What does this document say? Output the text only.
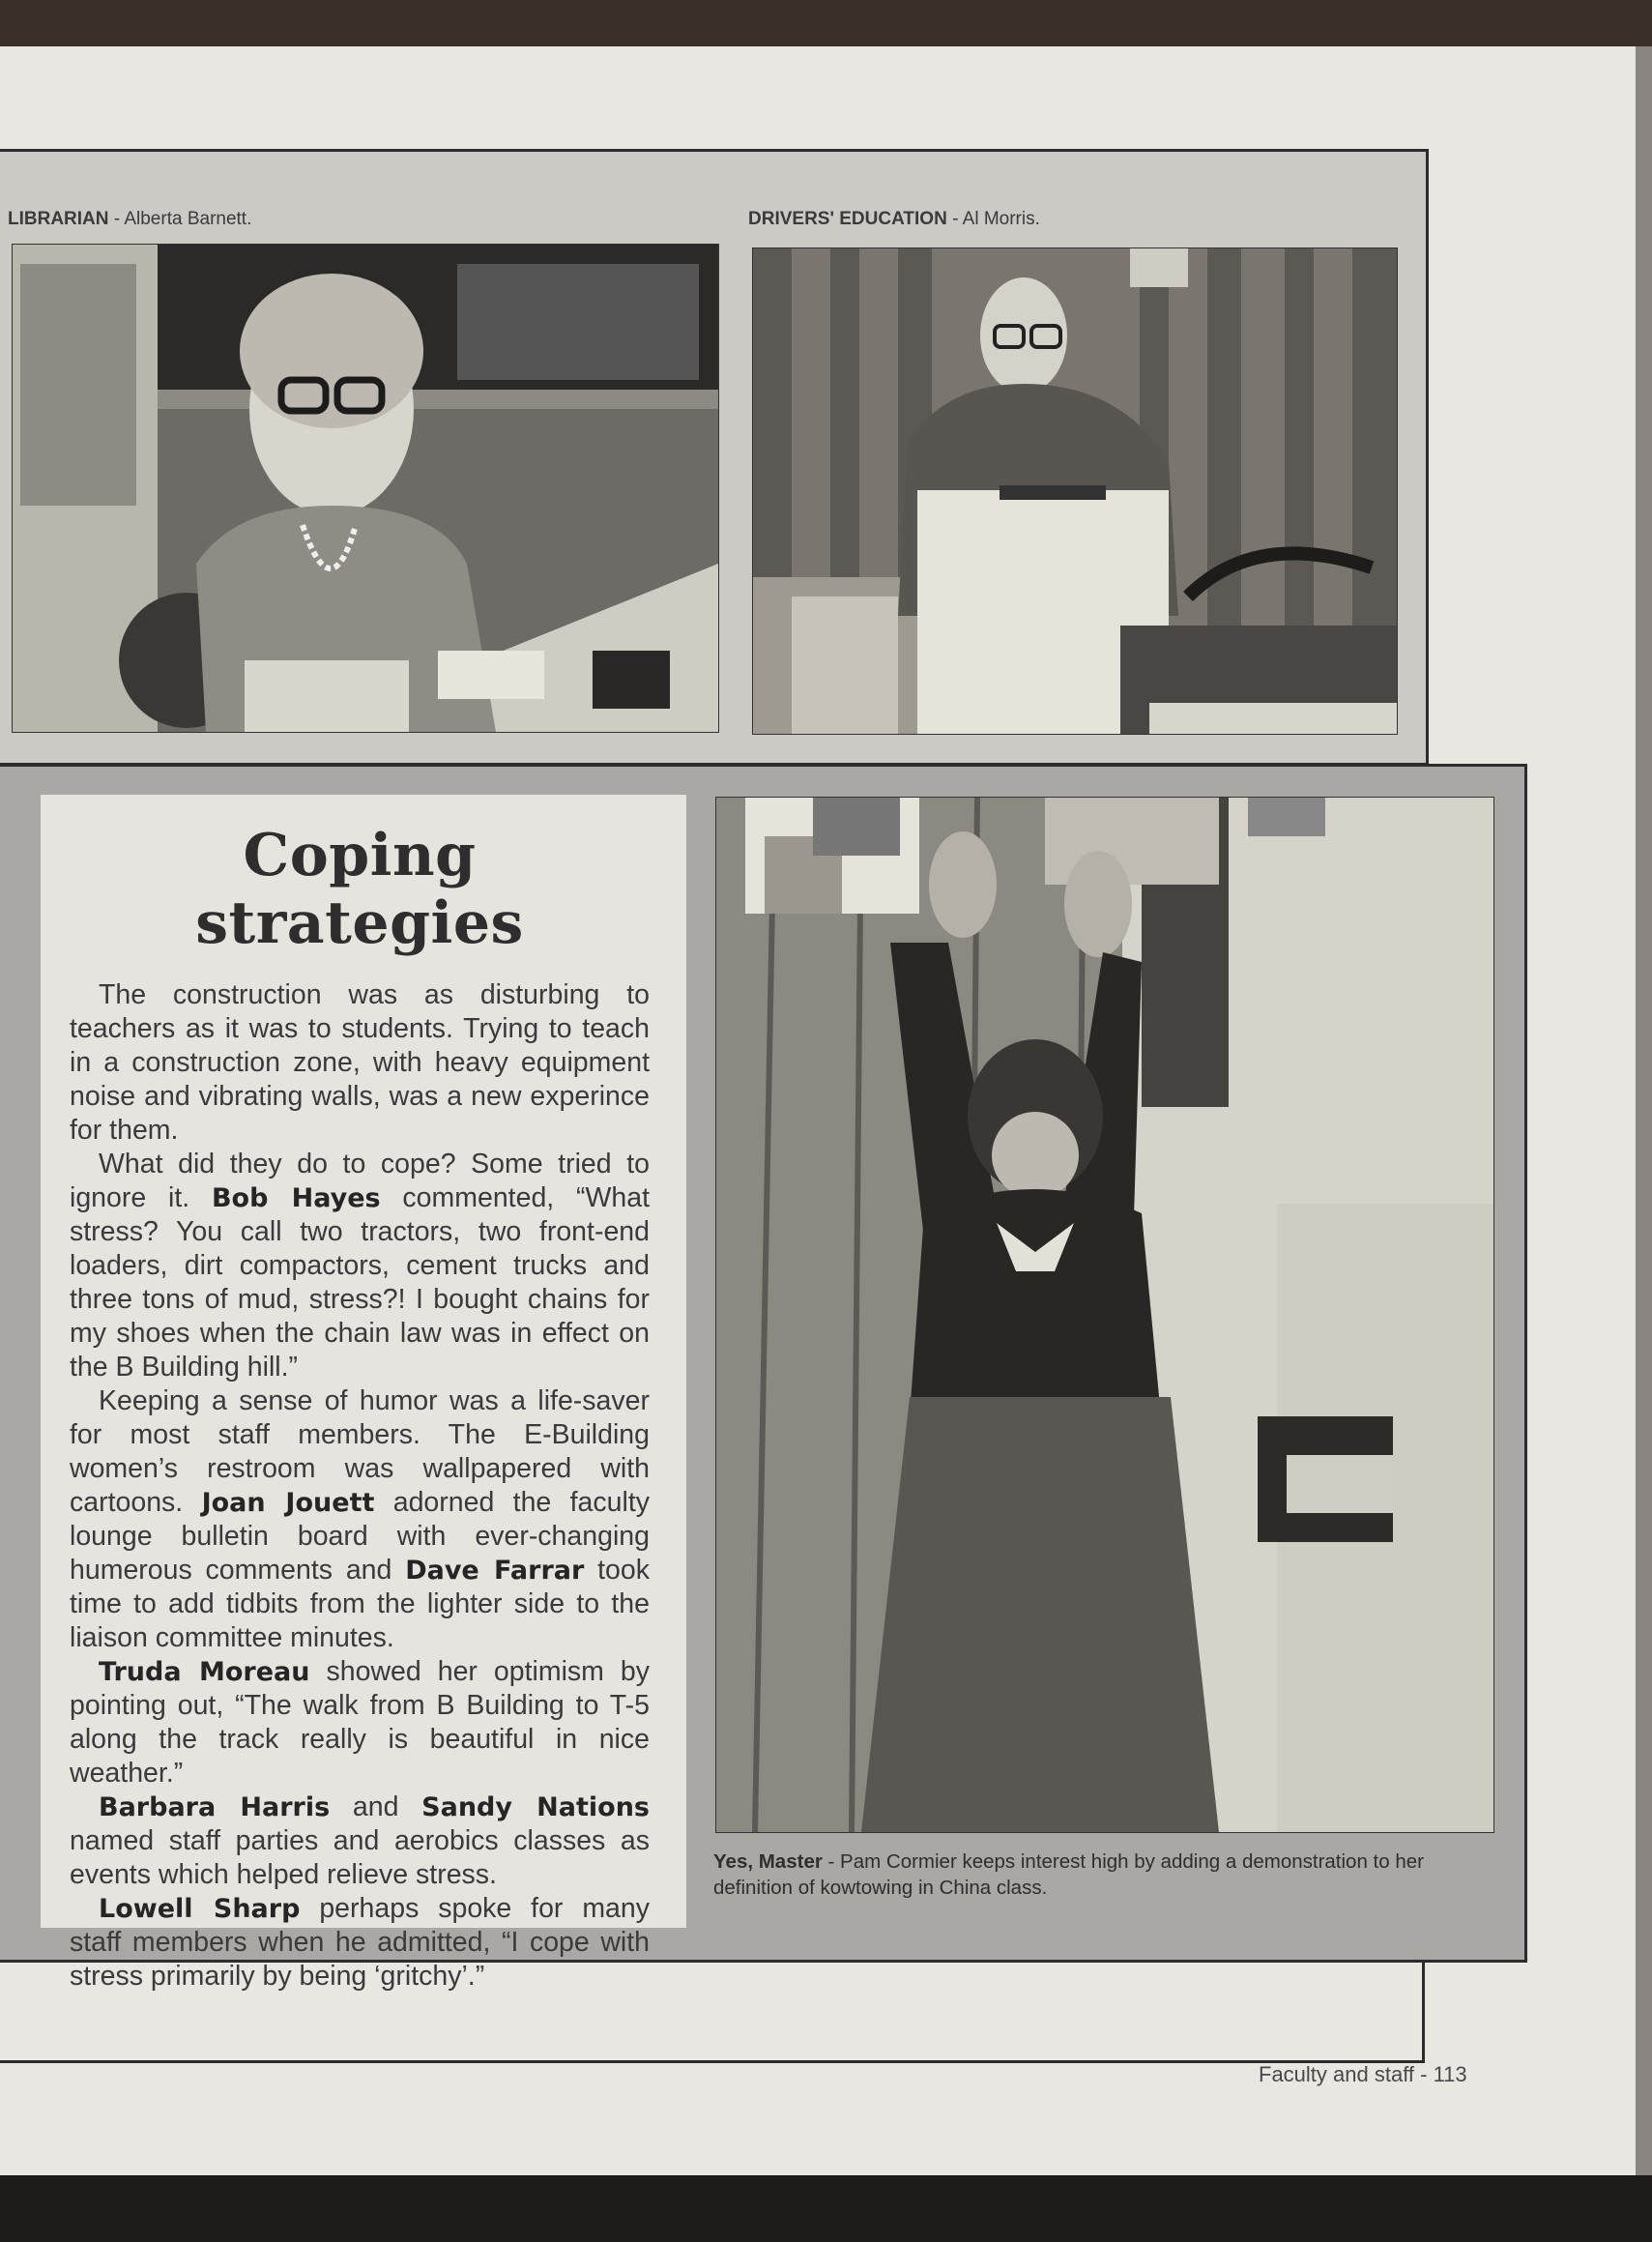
LIBRARIAN - Alberta Barnett.	DRIVERS' EDUCATION - Al Morris.
Coping strategies

The construction was as disturbing to teachers as it was to students. Trying to teach in a construction zone, with heavy equipment noise and vibrating walls, was a new experince for them.

What did they do to cope? Some tried to ignore it. Bob Hayes commented, “What stress? You call two tractors, two front-end loaders, dirt compactors, cement trucks and three tons of mud, stress?! I bought chains for my shoes when the chain law was in effect on the B Building hill.”

Keeping a sense of humor was a life-saver for most staff members. The E-Building women’s restroom was wallpapered with cartoons. Joan Jouett adorned the faculty lounge bulletin board with ever-changing humerous comments and Dave Farrar took time to add tidbits from the lighter side to the liaison committee minutes.

Truda Moreau showed her optimism by pointing out, “The walk from B Building to T-5 along the track really is beautiful in nice weather.”

Barbara Harris and Sandy Nations named staff parties and aerobics classes as events which helped relieve stress.

Lowell Sharp perhaps spoke for many staff members when he admitted, “I cope with stress primarily by being ‘gritchy’.”

Yes, Master - Pam Cormier keeps interest high by adding a demonstration to her definition of kowtowing in China class.
Faculty and staff - 113
